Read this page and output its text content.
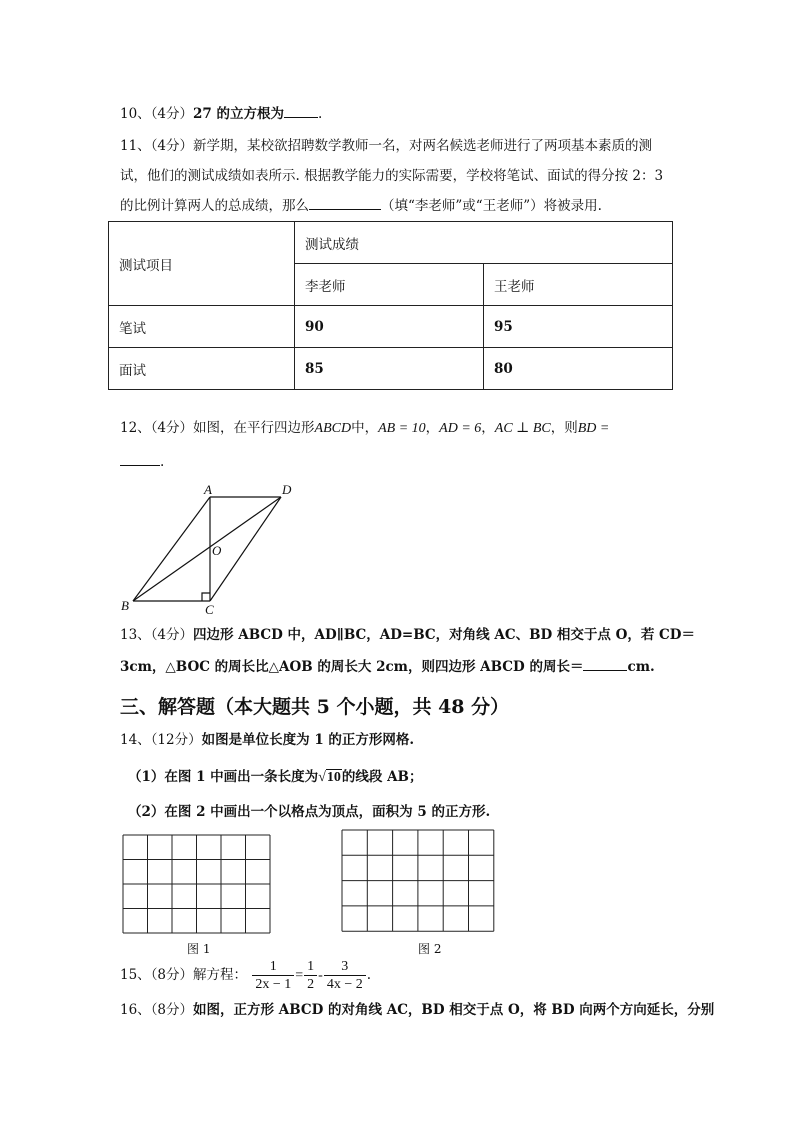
10、（4分）27 的立方根为	.
11、（4分）新学期，某校欲招聘数学教师一名，对两名候选老师进行了两项基本素质的测
试，他们的测试成绩如表所示. 根据教学能力的实际需要，学校将笔试、面试的得分按 2：3
的比例计算两人的总成绩，那么	（填“李老师”或“王老师”）将被录用.
测试项目	测试成绩	
	李老师	王老师
笔试	90	95
面试	85	80
12、（4分）如图，在平行四边形ABCD中，AB = 10，AD = 6，AC ⊥ BC，则BD =
.
A	D
O
B	C
13、（4分）四边形 ABCD 中，AD∥BC，AD=BC，对角线 AC、BD 相交于点 O，若 CD＝
3cm，△BOC 的周长比△AOB 的周长大 2cm，则四边形 ABCD 的周长＝	cm.
三、解答题（本大题共 5 个小题，共 48 分）
14、（12分）如图是单位长度为 1 的正方形网格.
（1）在图 1 中画出一条长度为√10的线段 AB；
（2）在图 2 中画出一个以格点为顶点，面积为 5 的正方形.
图 1	图 2
15、（8分）解方程： $\frac{1}{2x - 1} = \frac{1}{2} - \frac{3}{4x - 2}$ .
16、（8分）如图，正方形 ABCD 的对角线 AC，BD 相交于点 O，将 BD 向两个方向延长，分别
